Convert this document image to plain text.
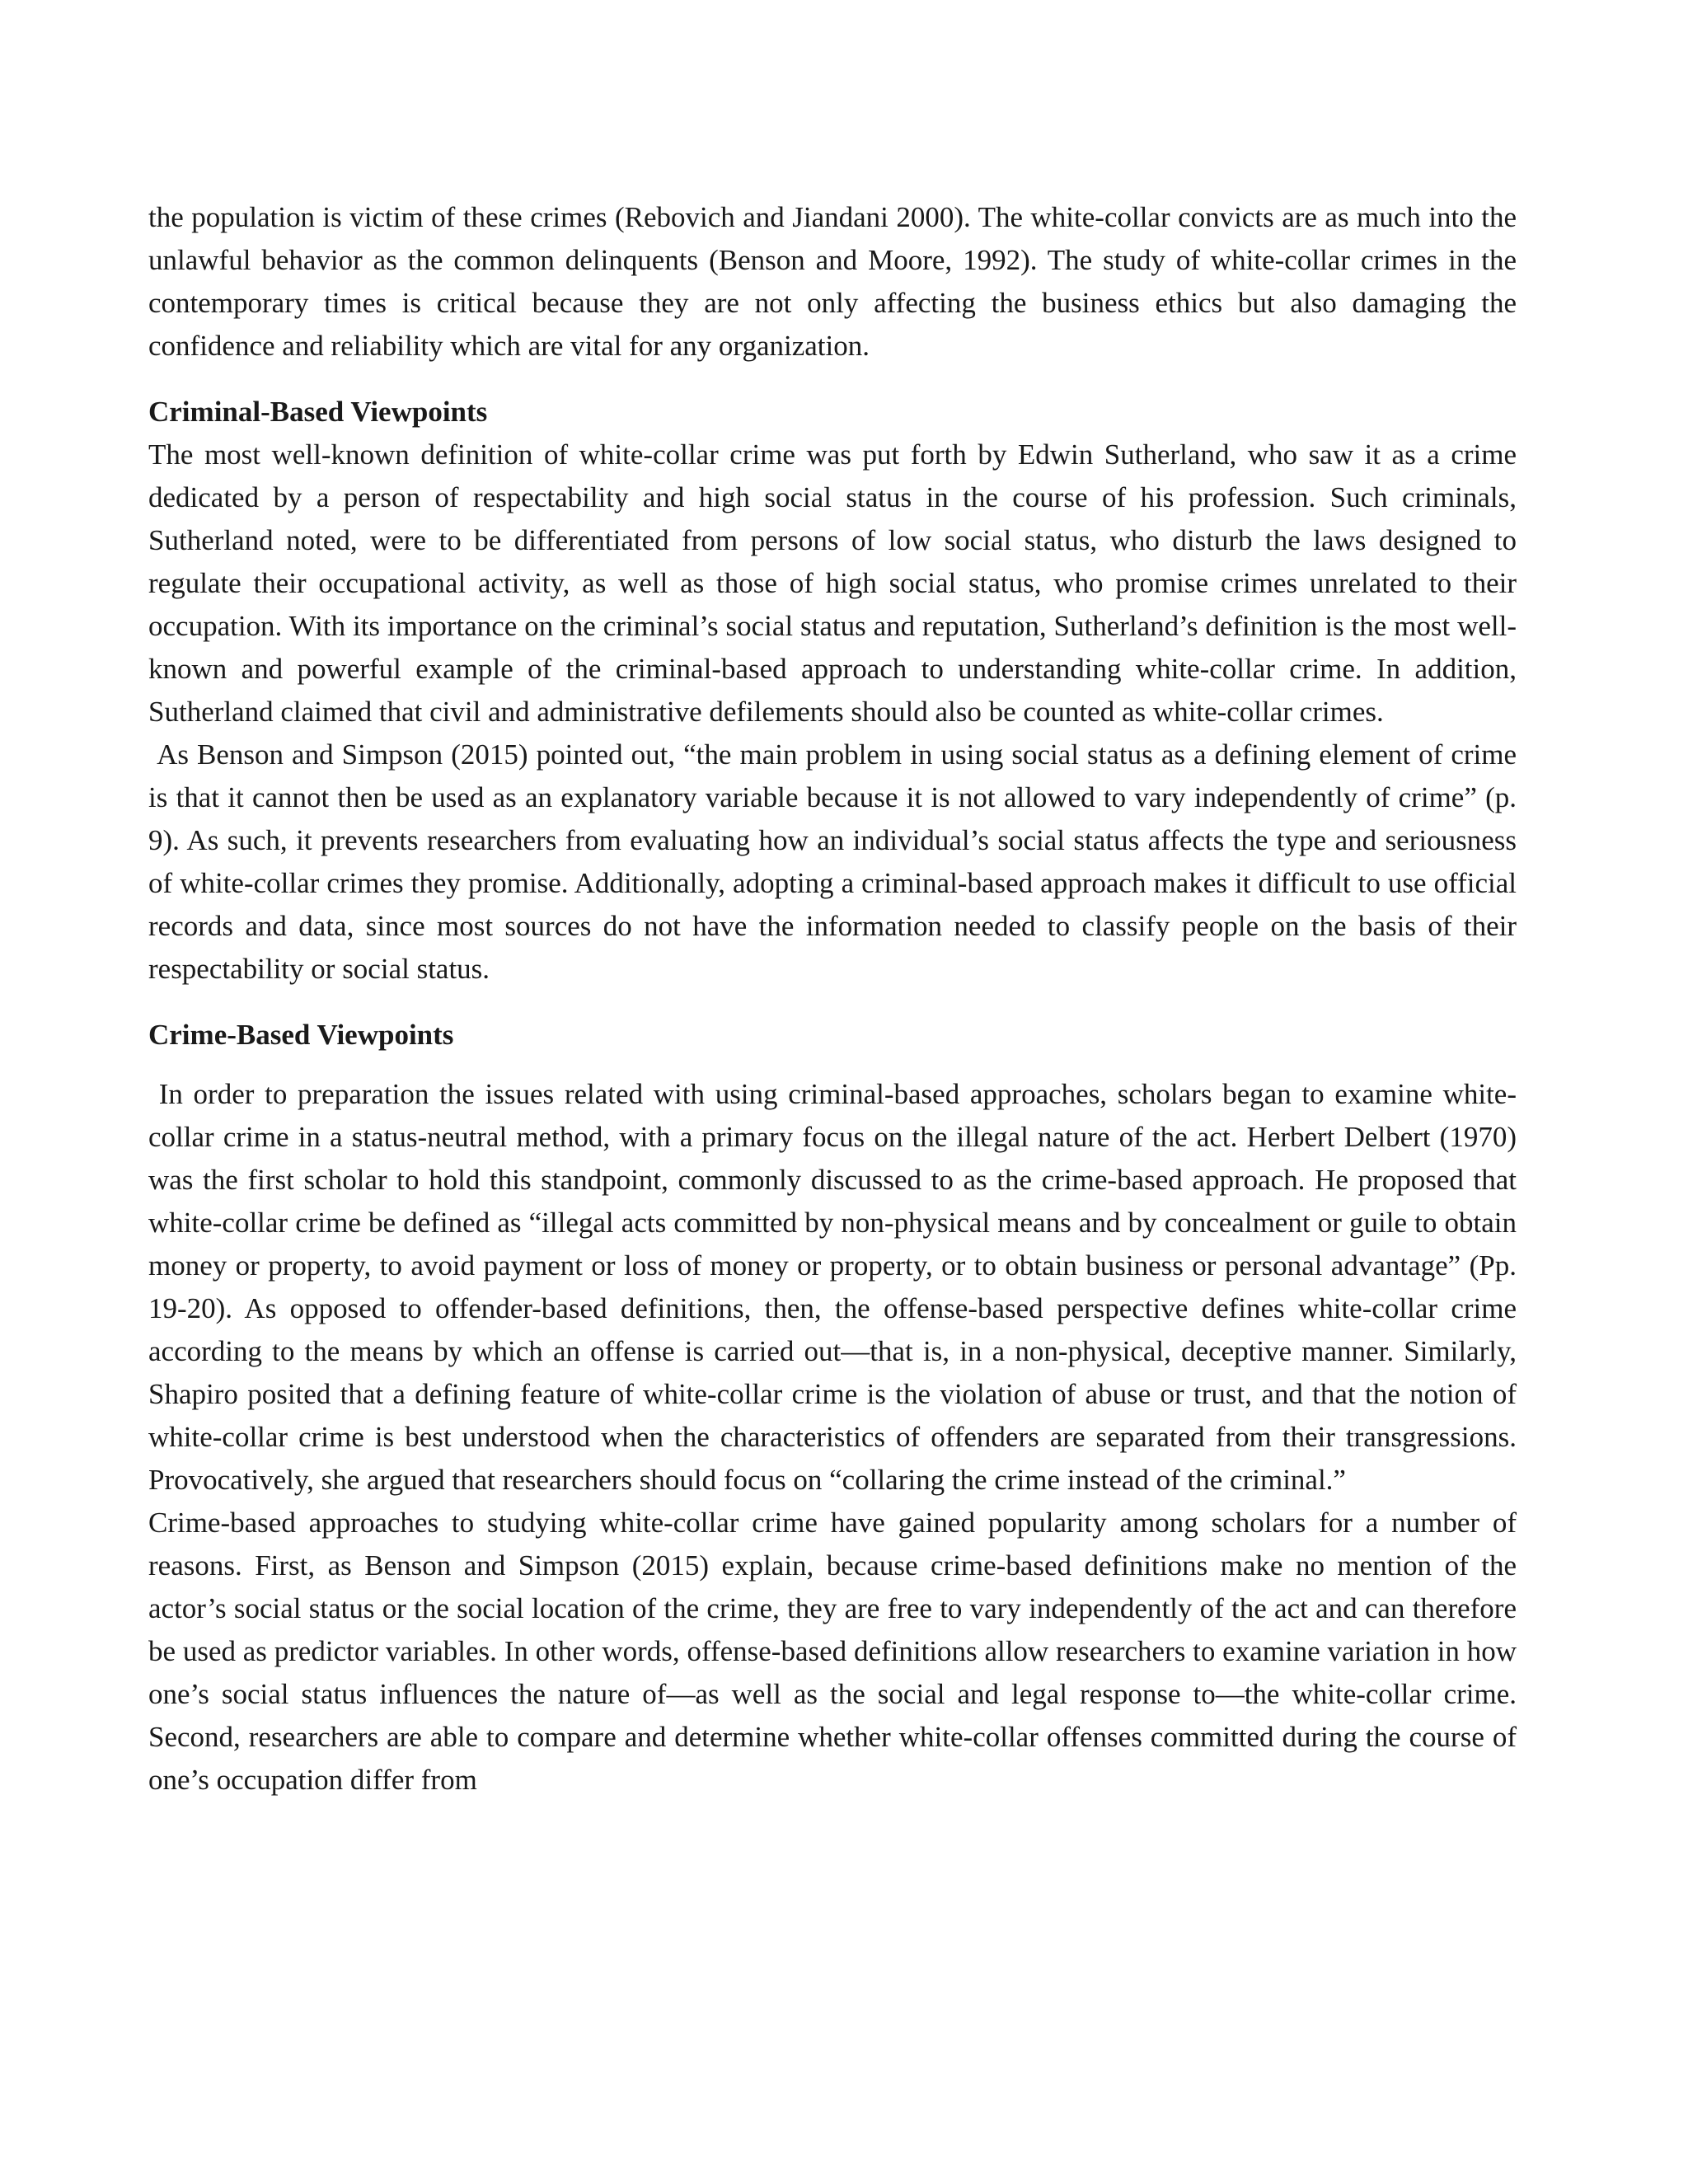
the population is victim of these crimes (Rebovich and Jiandani 2000). The white-collar convicts are as much into the unlawful behavior as the common delinquents (Benson and Moore, 1992). The study of white-collar crimes in the contemporary times is critical because they are not only affecting the business ethics but also damaging the confidence and reliability which are vital for any organization.

Criminal-Based Viewpoints

The most well-known definition of white-collar crime was put forth by Edwin Sutherland, who saw it as a crime dedicated by a person of respectability and high social status in the course of his profession. Such criminals, Sutherland noted, were to be differentiated from persons of low social status, who disturb the laws designed to regulate their occupational activity, as well as those of high social status, who promise crimes unrelated to their occupation. With its importance on the criminal’s social status and reputation, Sutherland’s definition is the most well-known and powerful example of the criminal-based approach to understanding white-collar crime. In addition, Sutherland claimed that civil and administrative defilements should also be counted as white-collar crimes.

As Benson and Simpson (2015) pointed out, “the main problem in using social status as a defining element of crime is that it cannot then be used as an explanatory variable because it is not allowed to vary independently of crime” (p. 9). As such, it prevents researchers from evaluating how an individual’s social status affects the type and seriousness of white-collar crimes they promise. Additionally, adopting a criminal-based approach makes it difficult to use official records and data, since most sources do not have the information needed to classify people on the basis of their respectability or social status.

Crime-Based Viewpoints

In order to preparation the issues related with using criminal-based approaches, scholars began to examine white-collar crime in a status-neutral method, with a primary focus on the illegal nature of the act. Herbert Delbert (1970) was the first scholar to hold this standpoint, commonly discussed to as the crime-based approach. He proposed that white-collar crime be defined as “illegal acts committed by non-physical means and by concealment or guile to obtain money or property, to avoid payment or loss of money or property, or to obtain business or personal advantage” (Pp. 19-20). As opposed to offender-based definitions, then, the offense-based perspective defines white-collar crime according to the means by which an offense is carried out—that is, in a non-physical, deceptive manner. Similarly, Shapiro posited that a defining feature of white-collar crime is the violation of abuse or trust, and that the notion of white-collar crime is best understood when the characteristics of offenders are separated from their transgressions. Provocatively, she argued that researchers should focus on “collaring the crime instead of the criminal.”

Crime-based approaches to studying white-collar crime have gained popularity among scholars for a number of reasons. First, as Benson and Simpson (2015) explain, because crime-based definitions make no mention of the actor’s social status or the social location of the crime, they are free to vary independently of the act and can therefore be used as predictor variables. In other words, offense-based definitions allow researchers to examine variation in how one’s social status influences the nature of—as well as the social and legal response to—the white-collar crime. Second, researchers are able to compare and determine whether white-collar offenses committed during the course of one’s occupation differ from
